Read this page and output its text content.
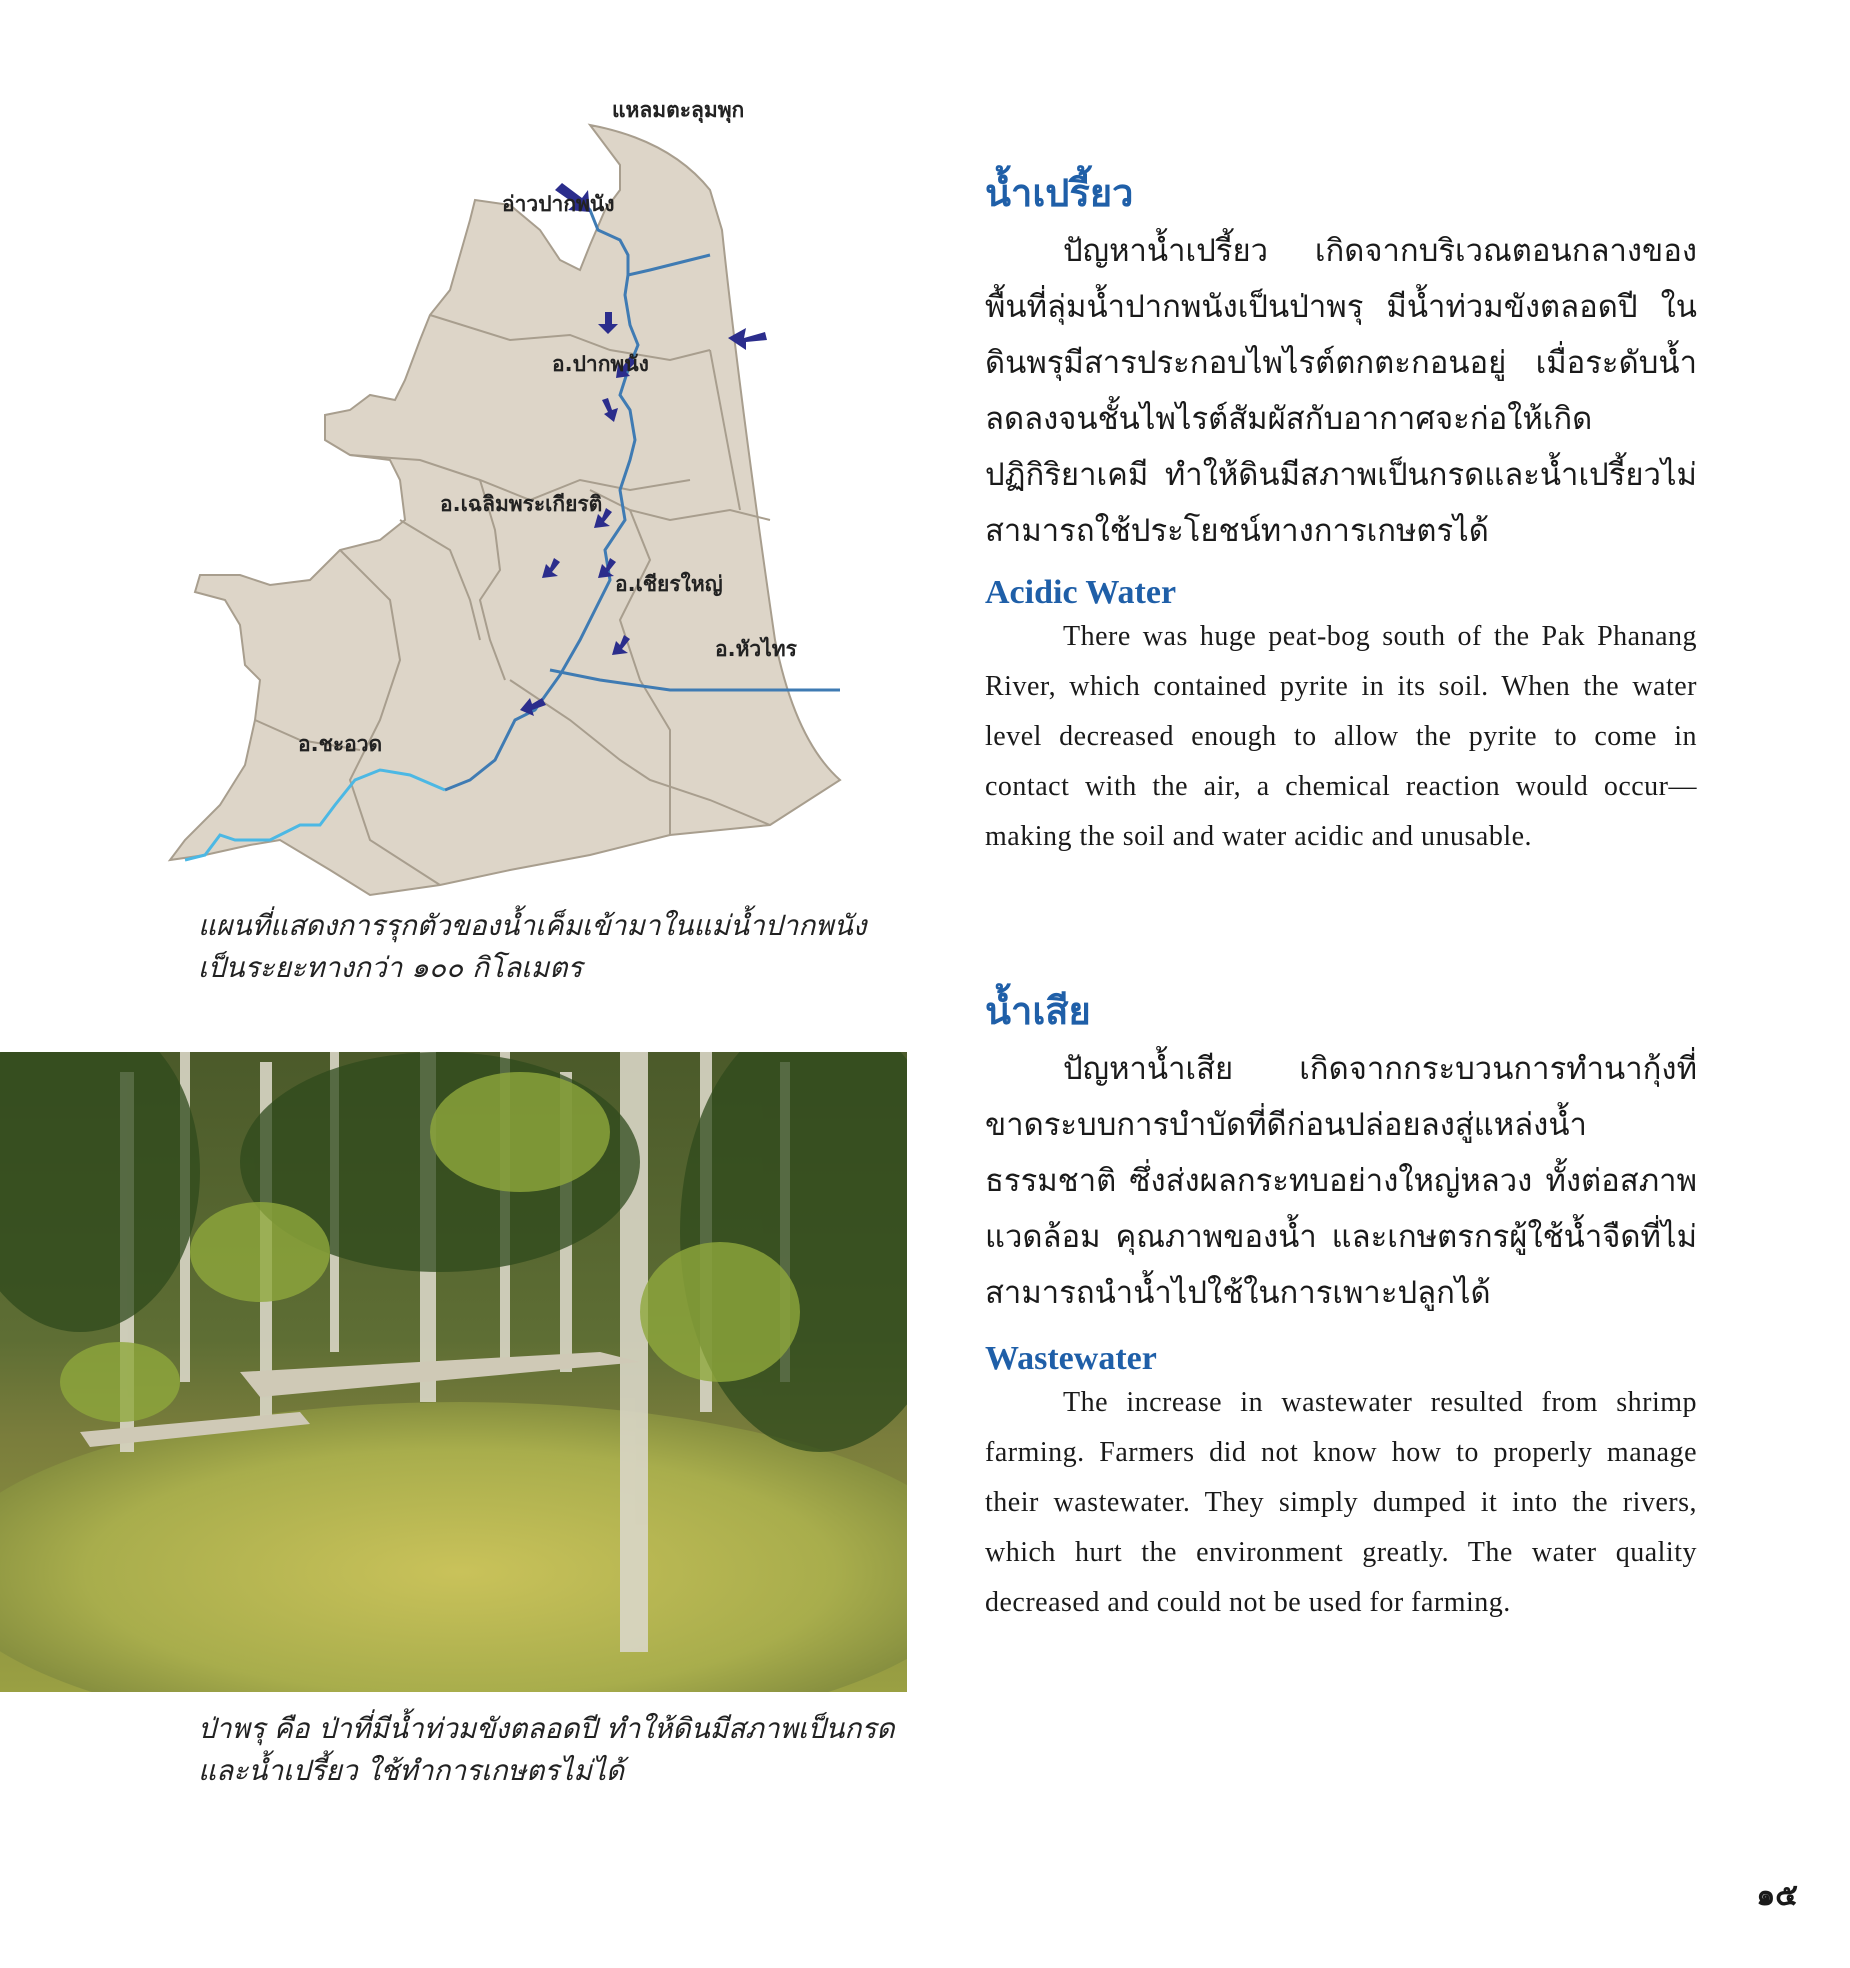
แหลมตะลุมพุก
อ่าวปากพนัง
อ.ปากพนัง
อ.เฉลิมพระเกียรติ
อ.เชียรใหญ่
อ.หัวไทร
อ.ชะอวด
แผนที่แสดงการรุกตัวของน้ำเค็มเข้ามาในแม่น้ำปากพนัง
เป็นระยะทางกว่า ๑๐๐ กิโลเมตร
ป่าพรุ คือ ป่าที่มีน้ำท่วมขังตลอดปี ทำให้ดินมีสภาพเป็นกรด
และน้ำเปรี้ยว ใช้ทำการเกษตรไม่ได้
น้ำเปรี้ยว

ปัญหาน้ำเปรี้ยว เกิดจากบริเวณตอนกลางของพื้นที่ลุ่มน้ำปากพนังเป็นป่าพรุ มีน้ำท่วมขังตลอดปี ในดินพรุมีสารประกอบไพไรต์ตกตะกอนอยู่ เมื่อระดับน้ำลดลงจนชั้นไพไรต์สัมผัสกับอากาศจะก่อให้เกิดปฏิกิริยาเคมี ทำให้ดินมีสภาพเป็นกรดและน้ำเปรี้ยวไม่สามารถใช้ประโยชน์ทางการเกษตรได้

Acidic Water

There was huge peat-bog south of the Pak Phanang River, which contained pyrite in its soil. When the water level decreased enough to allow the pyrite to come in contact with the air, a chemical reaction would occur—making the soil and water acidic and unusable.

น้ำเสีย

ปัญหาน้ำเสีย เกิดจากกระบวนการทำนากุ้งที่ขาดระบบการบำบัดที่ดีก่อนปล่อยลงสู่แหล่งน้ำธรรมชาติ ซึ่งส่งผลกระทบอย่างใหญ่หลวง ทั้งต่อสภาพแวดล้อม คุณภาพของน้ำ และเกษตรกรผู้ใช้น้ำจืดที่ไม่สามารถนำน้ำไปใช้ในการเพาะปลูกได้

Wastewater

The increase in wastewater resulted from shrimp farming. Farmers did not know how to properly manage their wastewater. They simply dumped it into the rivers, which hurt the environment greatly. The water quality decreased and could not be used for farming.

๑๕
